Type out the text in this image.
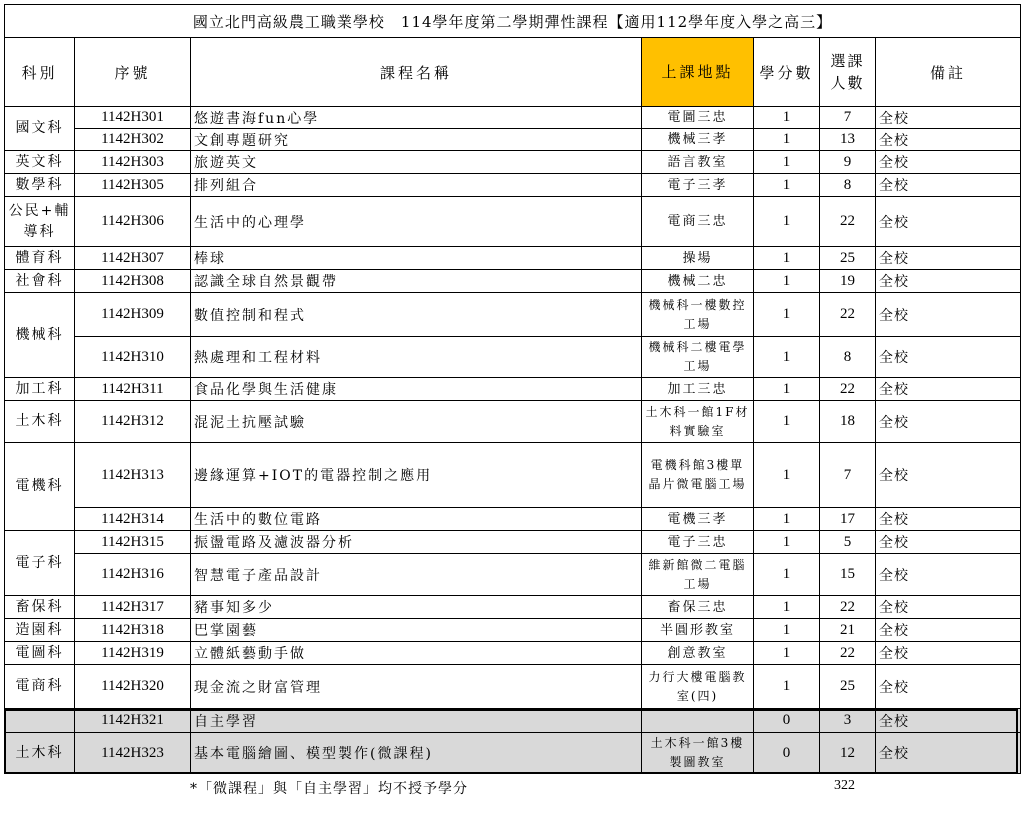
國立北門高級農工職業學校　114學年度第二學期彈性課程【適用112學年度入學之高三】						
科別	序號	課程名稱	上課地點	學分數	選課人數	備註
國文科	1142H301	悠遊書海fun心學	電圖三忠	1	7	全校
	1142H302	文創專題研究	機械三孝	1	13	全校
英文科	1142H303	旅遊英文	語言教室	1	9	全校
數學科	1142H305	排列組合	電子三孝	1	8	全校
公民+輔導科	1142H306	生活中的心理學	電商三忠	1	22	全校
體育科	1142H307	棒球	操場	1	25	全校
社會科	1142H308	認識全球自然景觀帶	機械二忠	1	19	全校
機械科	1142H309	數值控制和程式	機械科一樓數控工場	1	22	全校
	1142H310	熱處理和工程材料	機械科二樓電學工場	1	8	全校
加工科	1142H311	食品化學與生活健康	加工三忠	1	22	全校
土木科	1142H312	混泥土抗壓試驗	土木科一館1F材料實驗室	1	18	全校
電機科	1142H313	邊緣運算+IOT的電器控制之應用	電機科館3樓單晶片微電腦工場	1	7	全校
	1142H314	生活中的數位電路	電機三孝	1	17	全校
電子科	1142H315	振盪電路及濾波器分析	電子三忠	1	5	全校
	1142H316	智慧電子產品設計	維新館微二電腦工場	1	15	全校
畜保科	1142H317	豬事知多少	畜保三忠	1	22	全校
造園科	1142H318	巴掌園藝	半圓形教室	1	21	全校
電圖科	1142H319	立體紙藝動手做	創意教室	1	22	全校
電商科	1142H320	現金流之財富管理	力行大樓電腦教室(四)	1	25	全校
	1142H321	自主學習		0	3	全校
土木科	1142H323	基本電腦繪圖、模型製作(微課程)	土木科一館3樓製圖教室	0	12	全校
*「微課程」與「自主學習」均不授予學分	322
